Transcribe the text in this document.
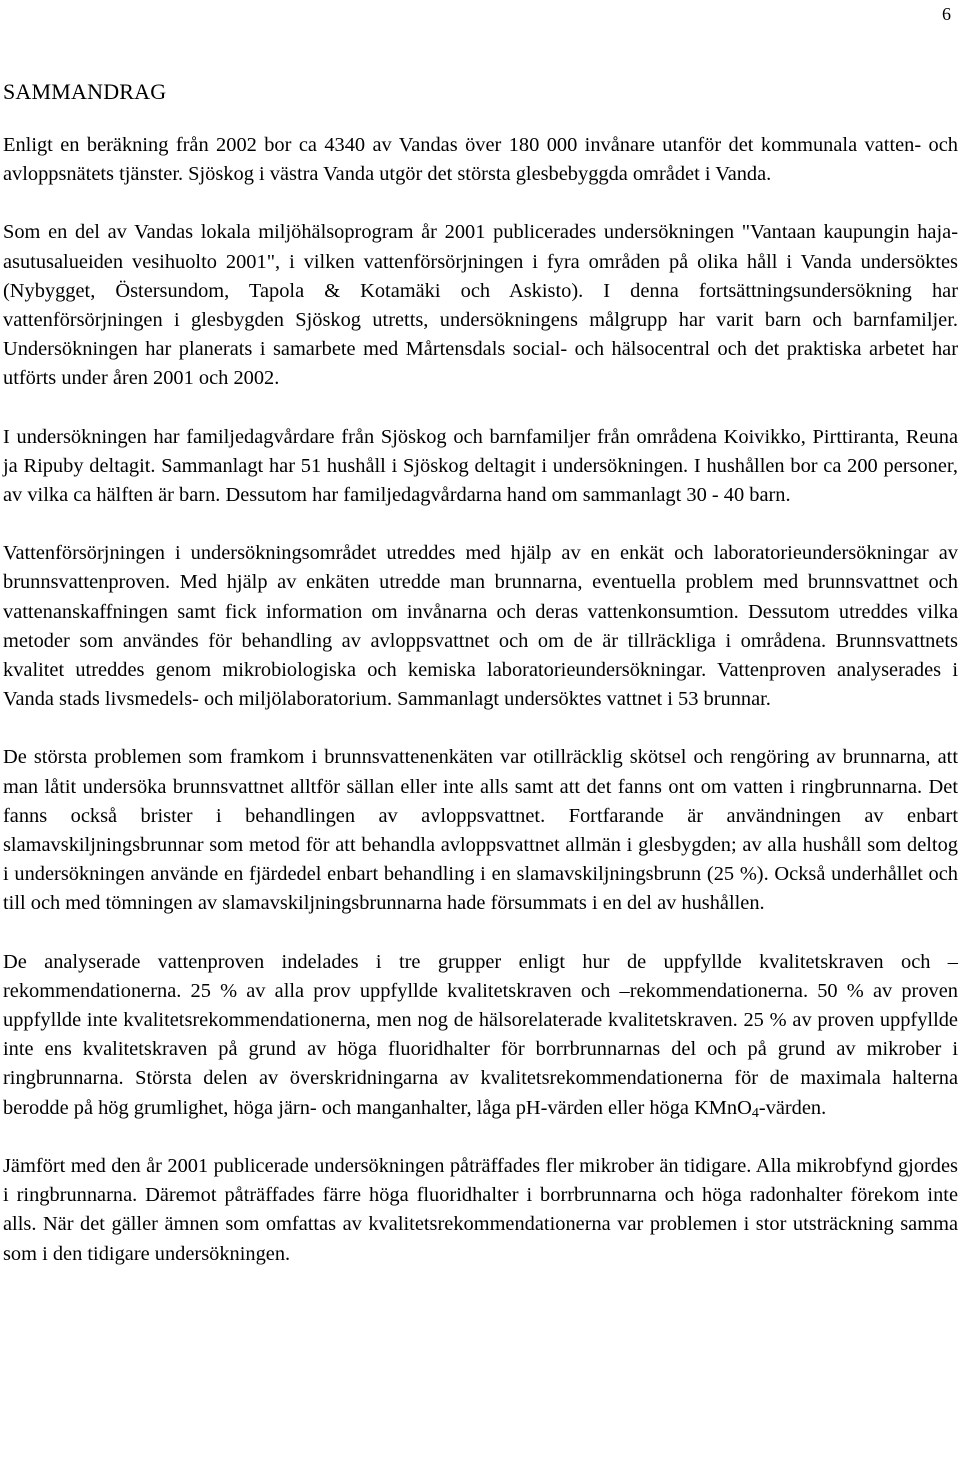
6
SAMMANDRAG

Enligt en beräkning från 2002 bor ca 4340 av Vandas över 180 000 invånare utanför det kommunala vatten- och avloppsnätets tjänster. Sjöskog i västra Vanda utgör det största glesbebyggda området i Vanda.

Som en del av Vandas lokala miljöhälsoprogram år 2001 publicerades undersökningen "Vantaan kaupungin haja-asutusalueiden vesihuolto 2001", i vilken vattenförsörjningen i fyra områden på olika håll i Vanda undersöktes (Nybygget, Östersundom, Tapola & Kotamäki och Askisto). I denna fortsättningsundersökning har vattenförsörjningen i glesbygden Sjöskog utretts, undersökningens målgrupp har varit barn och barnfamiljer. Undersökningen har planerats i samarbete med Mårtensdals social- och hälsocentral och det praktiska arbetet har utförts under åren 2001 och 2002.

I undersökningen har familjedagvårdare från Sjöskog och barnfamiljer från områdena Koivikko, Pirttiranta, Reuna ja Ripuby deltagit. Sammanlagt har 51 hushåll i Sjöskog deltagit i undersökningen. I hushållen bor ca 200 personer, av vilka ca hälften är barn. Dessutom har familjedagvårdarna hand om sammanlagt 30 - 40 barn.

Vattenförsörjningen i undersökningsområdet utreddes med hjälp av en enkät och laboratorieundersökningar av brunnsvattenproven. Med hjälp av enkäten utredde man brunnarna, eventuella problem med brunnsvattnet och vattenanskaffningen samt fick information om invånarna och deras vattenkonsumtion. Dessutom utreddes vilka metoder som användes för behandling av avloppsvattnet och om de är tillräckliga i områdena. Brunnsvattnets kvalitet utreddes genom mikrobiologiska och kemiska laboratorieundersökningar. Vattenproven analyserades i Vanda stads livsmedels- och miljölaboratorium. Sammanlagt undersöktes vattnet i 53 brunnar.

De största problemen som framkom i brunnsvattenenkäten var otillräcklig skötsel och rengöring av brunnarna, att man låtit undersöka brunnsvattnet alltför sällan eller inte alls samt att det fanns ont om vatten i ringbrunnarna. Det fanns också brister i behandlingen av avloppsvattnet. Fortfarande är användningen av enbart slamavskiljningsbrunnar som metod för att behandla avloppsvattnet allmän i glesbygden; av alla hushåll som deltog i undersökningen använde en fjärdedel enbart behandling i en slamavskiljningsbrunn (25 %). Också underhållet och till och med tömningen av slamavskiljningsbrunnarna hade försummats i en del av hushållen.

De analyserade vattenproven indelades i tre grupper enligt hur de uppfyllde kvalitetskraven och –rekommendationerna. 25 % av alla prov uppfyllde kvalitetskraven och –rekommendationerna. 50 % av proven uppfyllde inte kvalitetsrekommendationerna, men nog de hälsorelaterade kvalitetskraven. 25 % av proven uppfyllde inte ens kvalitetskraven på grund av höga fluoridhalter för borrbrunnarnas del och på grund av mikrober i ringbrunnarna. Största delen av överskridningarna av kvalitetsrekommendationerna för de maximala halterna berodde på hög grumlighet, höga järn- och manganhalter, låga pH-värden eller höga KMnO$_4$-värden.

Jämfört med den år 2001 publicerade undersökningen påträffades fler mikrober än tidigare. Alla mikrobfynd gjordes i ringbrunnarna. Däremot påträffades färre höga fluoridhalter i borrbrunnarna och höga radonhalter förekom inte alls. När det gäller ämnen som omfattas av kvalitetsrekommendationerna var problemen i stor utsträckning samma som i den tidigare undersökningen.
